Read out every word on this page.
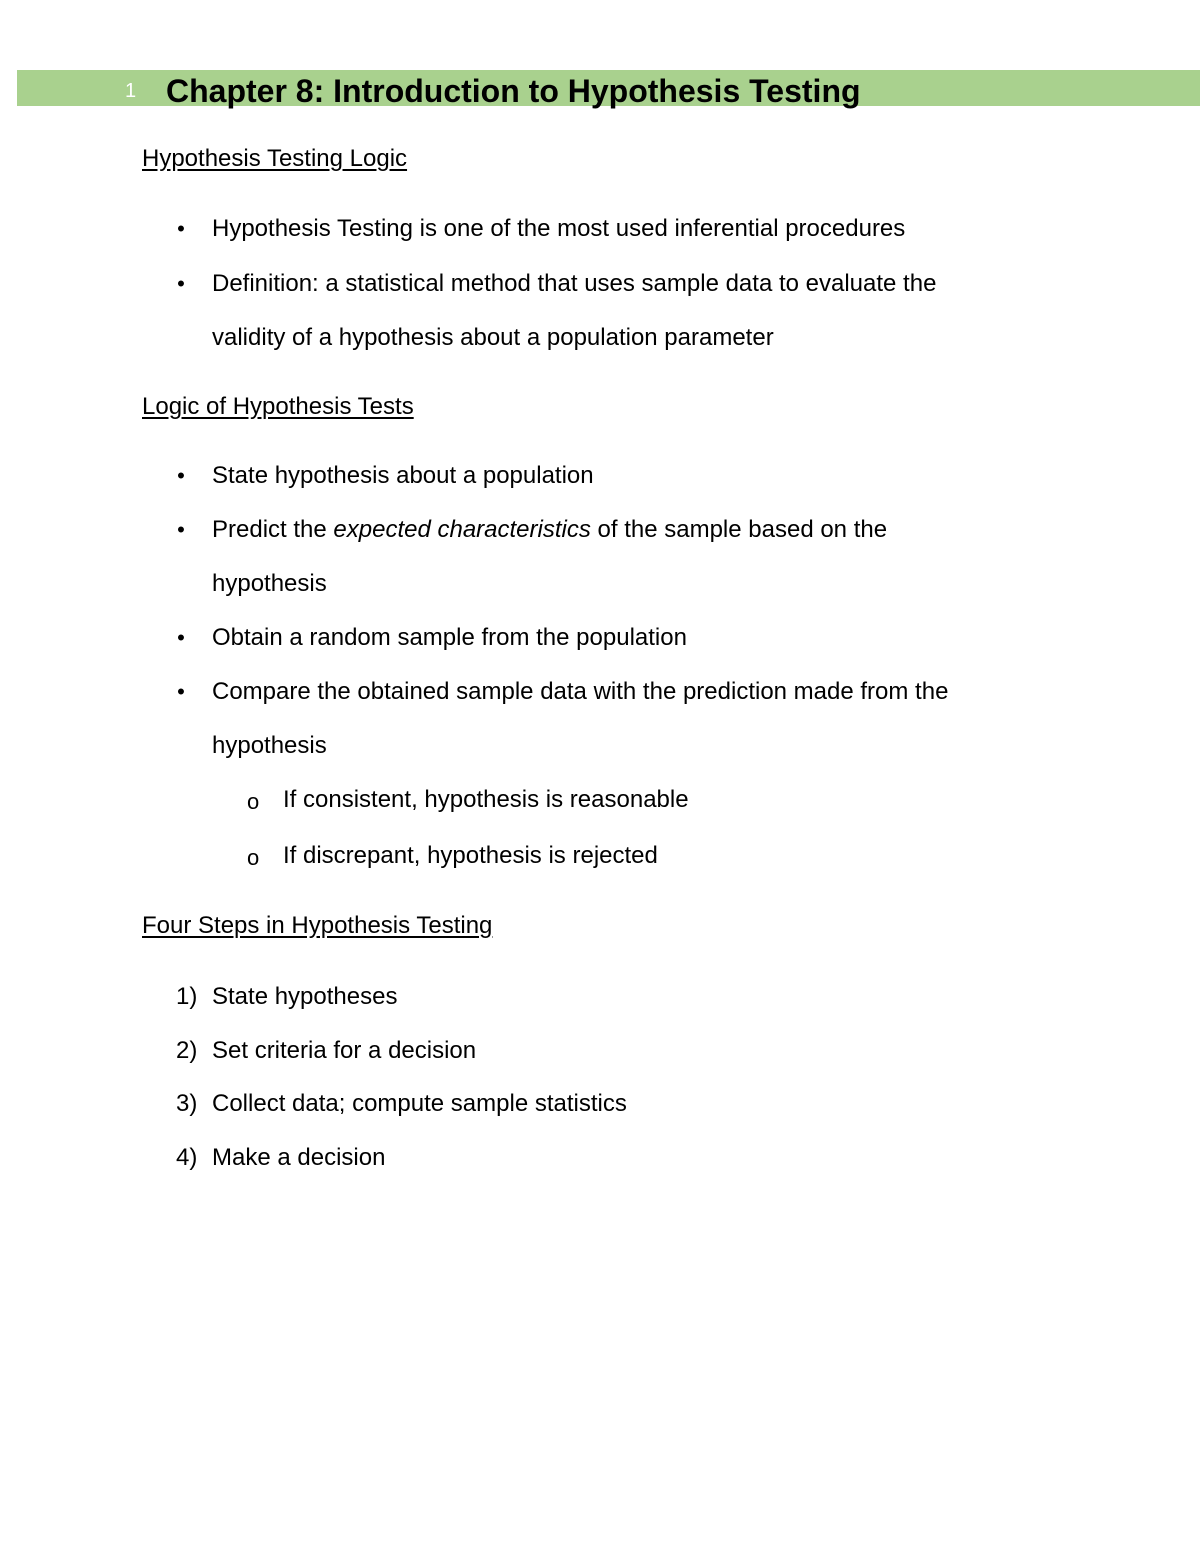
1 Chapter 8: Introduction to Hypothesis Testing
Hypothesis Testing Logic
• Hypothesis Testing is one of the most used inferential procedures
• Definition: a statistical method that uses sample data to evaluate the
validity of a hypothesis about a population parameter
Logic of Hypothesis Tests
• State hypothesis about a population
• Predict the expected characteristics of the sample based on the
hypothesis
• Obtain a random sample from the population
• Compare the obtained sample data with the prediction made from the
hypothesis
o If consistent, hypothesis is reasonable
o If discrepant, hypothesis is rejected
Four Steps in Hypothesis Testing
1) State hypotheses
2) Set criteria for a decision
3) Collect data; compute sample statistics
4) Make a decision
